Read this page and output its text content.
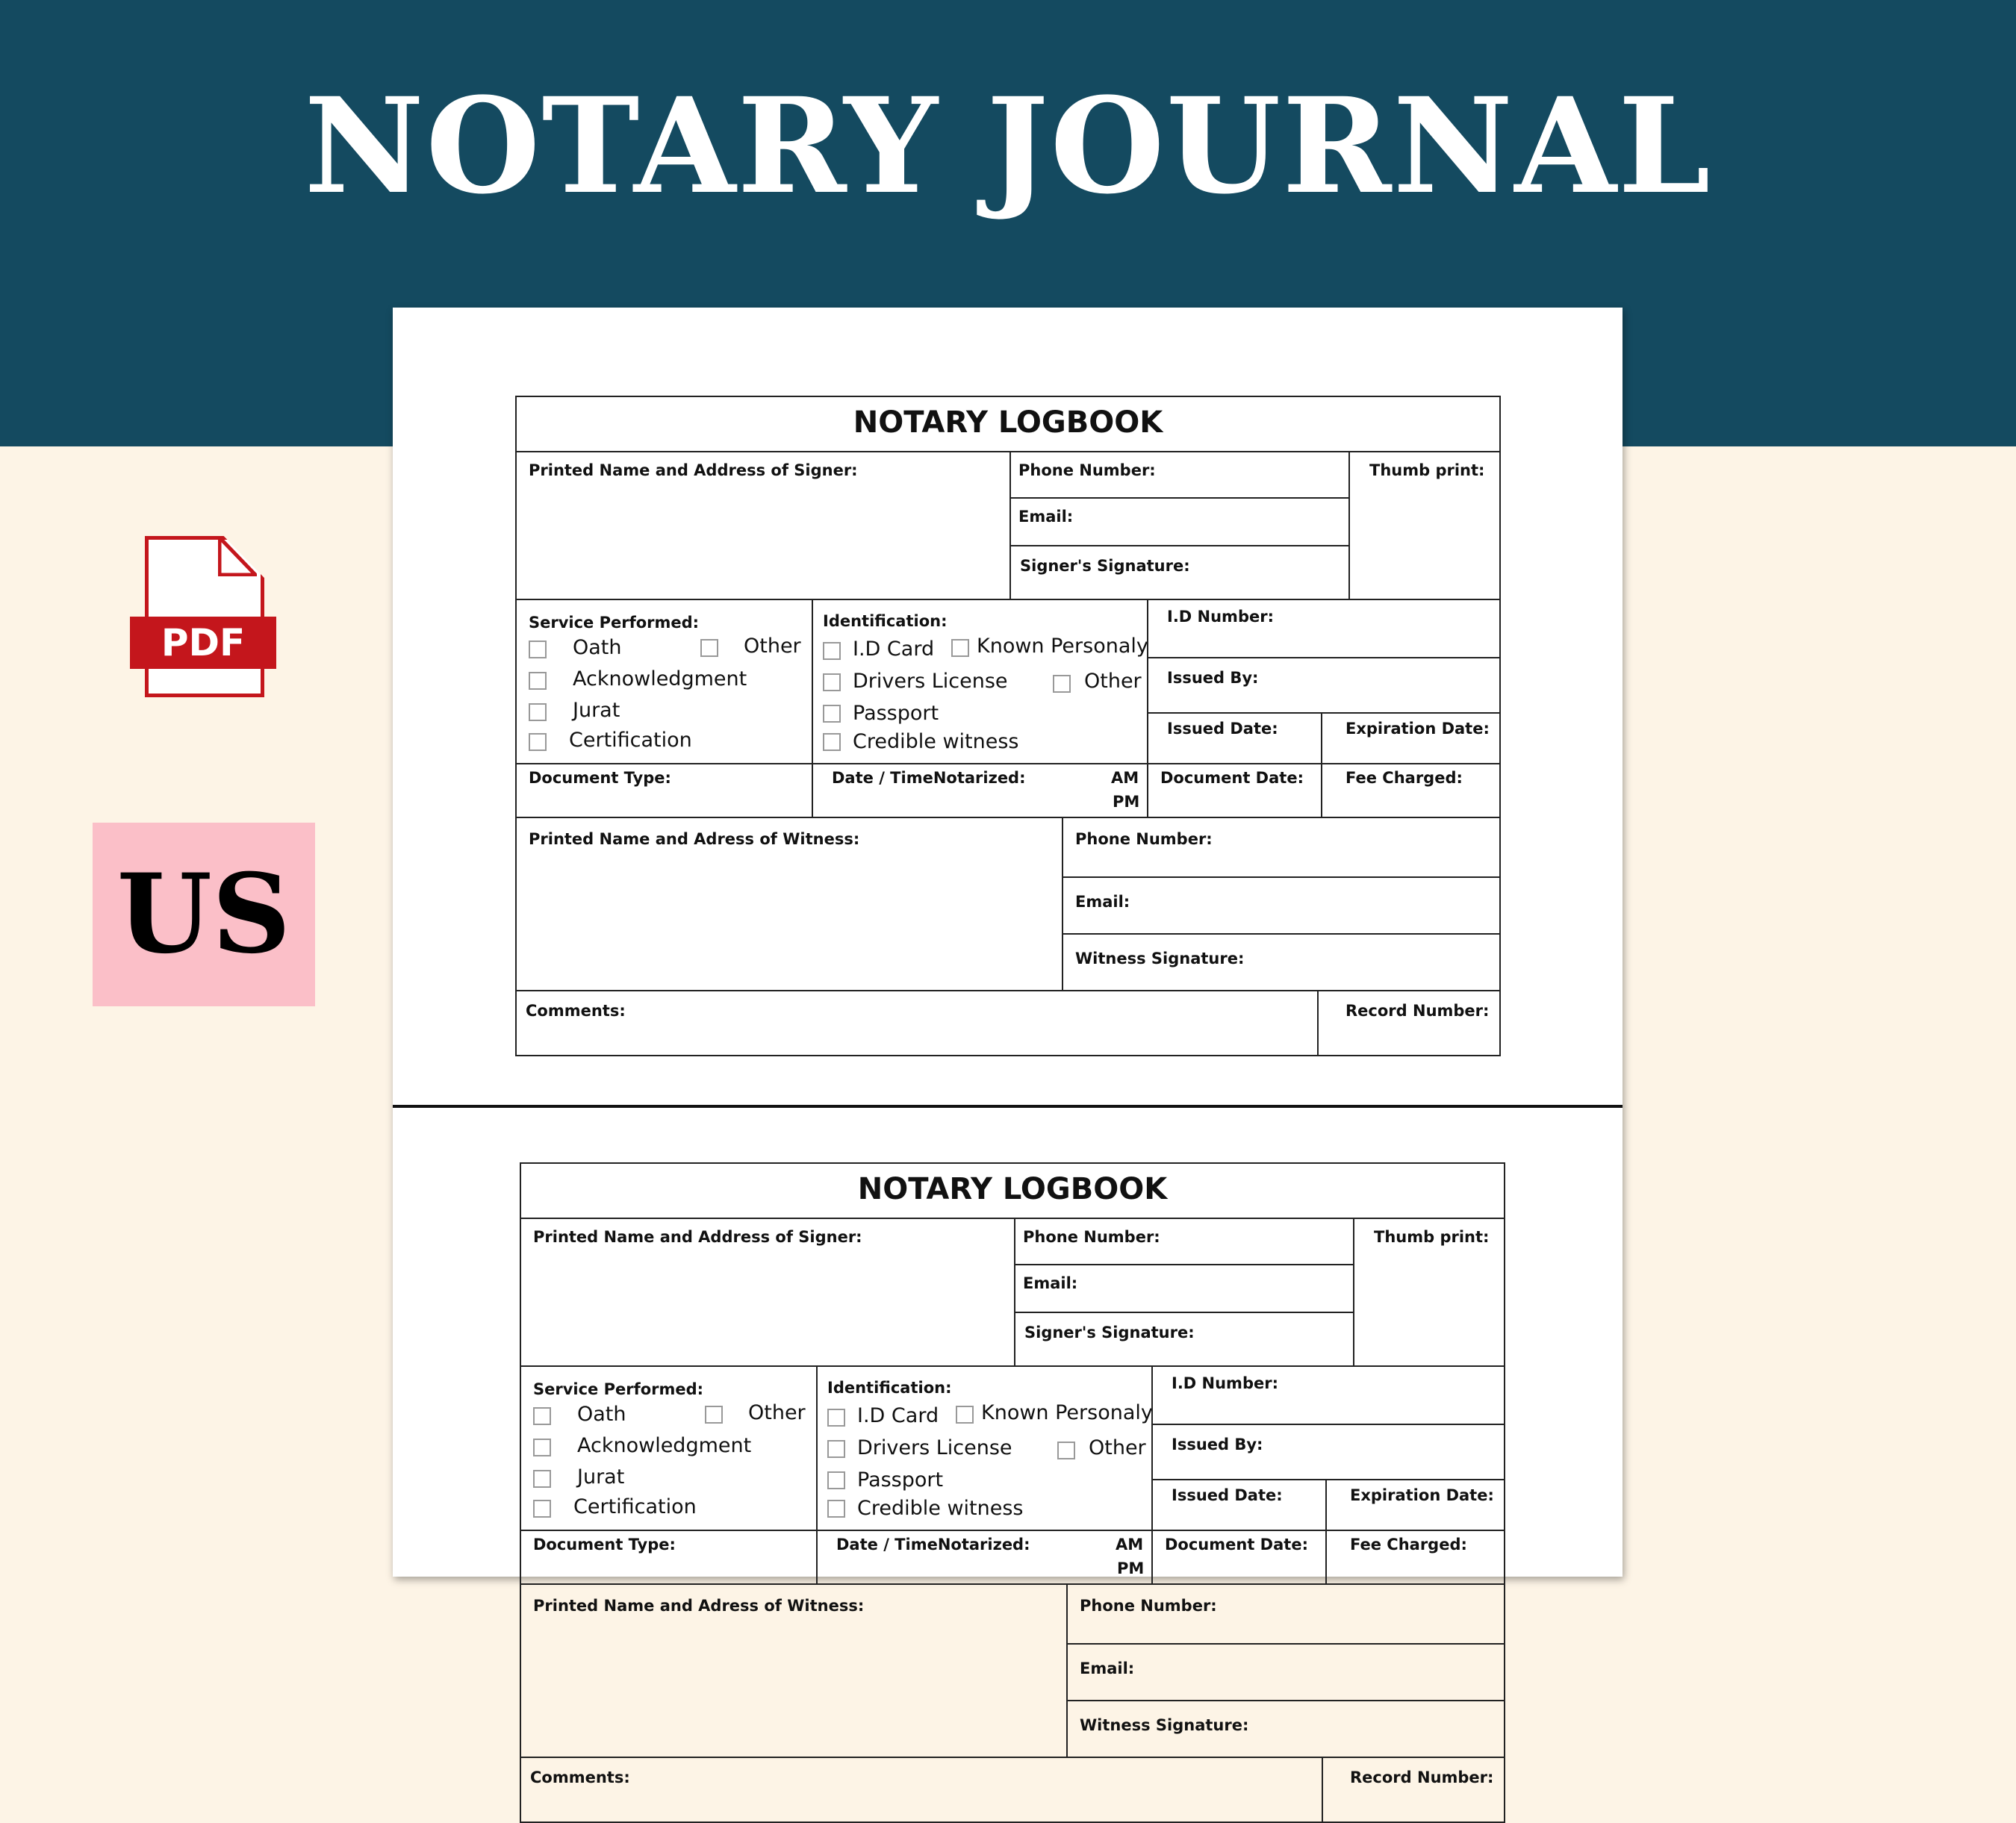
NOTARY JOURNAL
PDF
US
NOTARY LOGBOOK
Printed Name and Address of Signer:	Phone Number:
Email:
Signer's Signature:
Thumb print:
Service Performed:
Oath	Other
Acknowledgment
Jurat
Certification
Identification:
I.D Card Known Personaly
Drivers License	Other
Passport
Credible witness
I.D Number:
Issued By:
Issued Date:	Expiration Date:
Document Type:	Date / TimeNotarized:	AM
PM
Document Date:	Fee Charged:
Printed Name and Adress of Witness:	Phone Number:
Email:
Witness Signature:
Comments:	Record Number:
NOTARY LOGBOOK
Printed Name and Address of Signer:	Phone Number:
Email:
Signer's Signature:
Thumb print:
Service Performed:
Oath	Other
Acknowledgment
Jurat
Certification
Identification:
I.D Card Known Personaly
Drivers License	Other
Passport
Credible witness
I.D Number:
Issued By:
Issued Date:	Expiration Date:
Document Type:	Date / TimeNotarized:	AM
PM
Document Date:	Fee Charged:
Printed Name and Adress of Witness:	Phone Number:
Email:
Witness Signature:
Comments:	Record Number:
